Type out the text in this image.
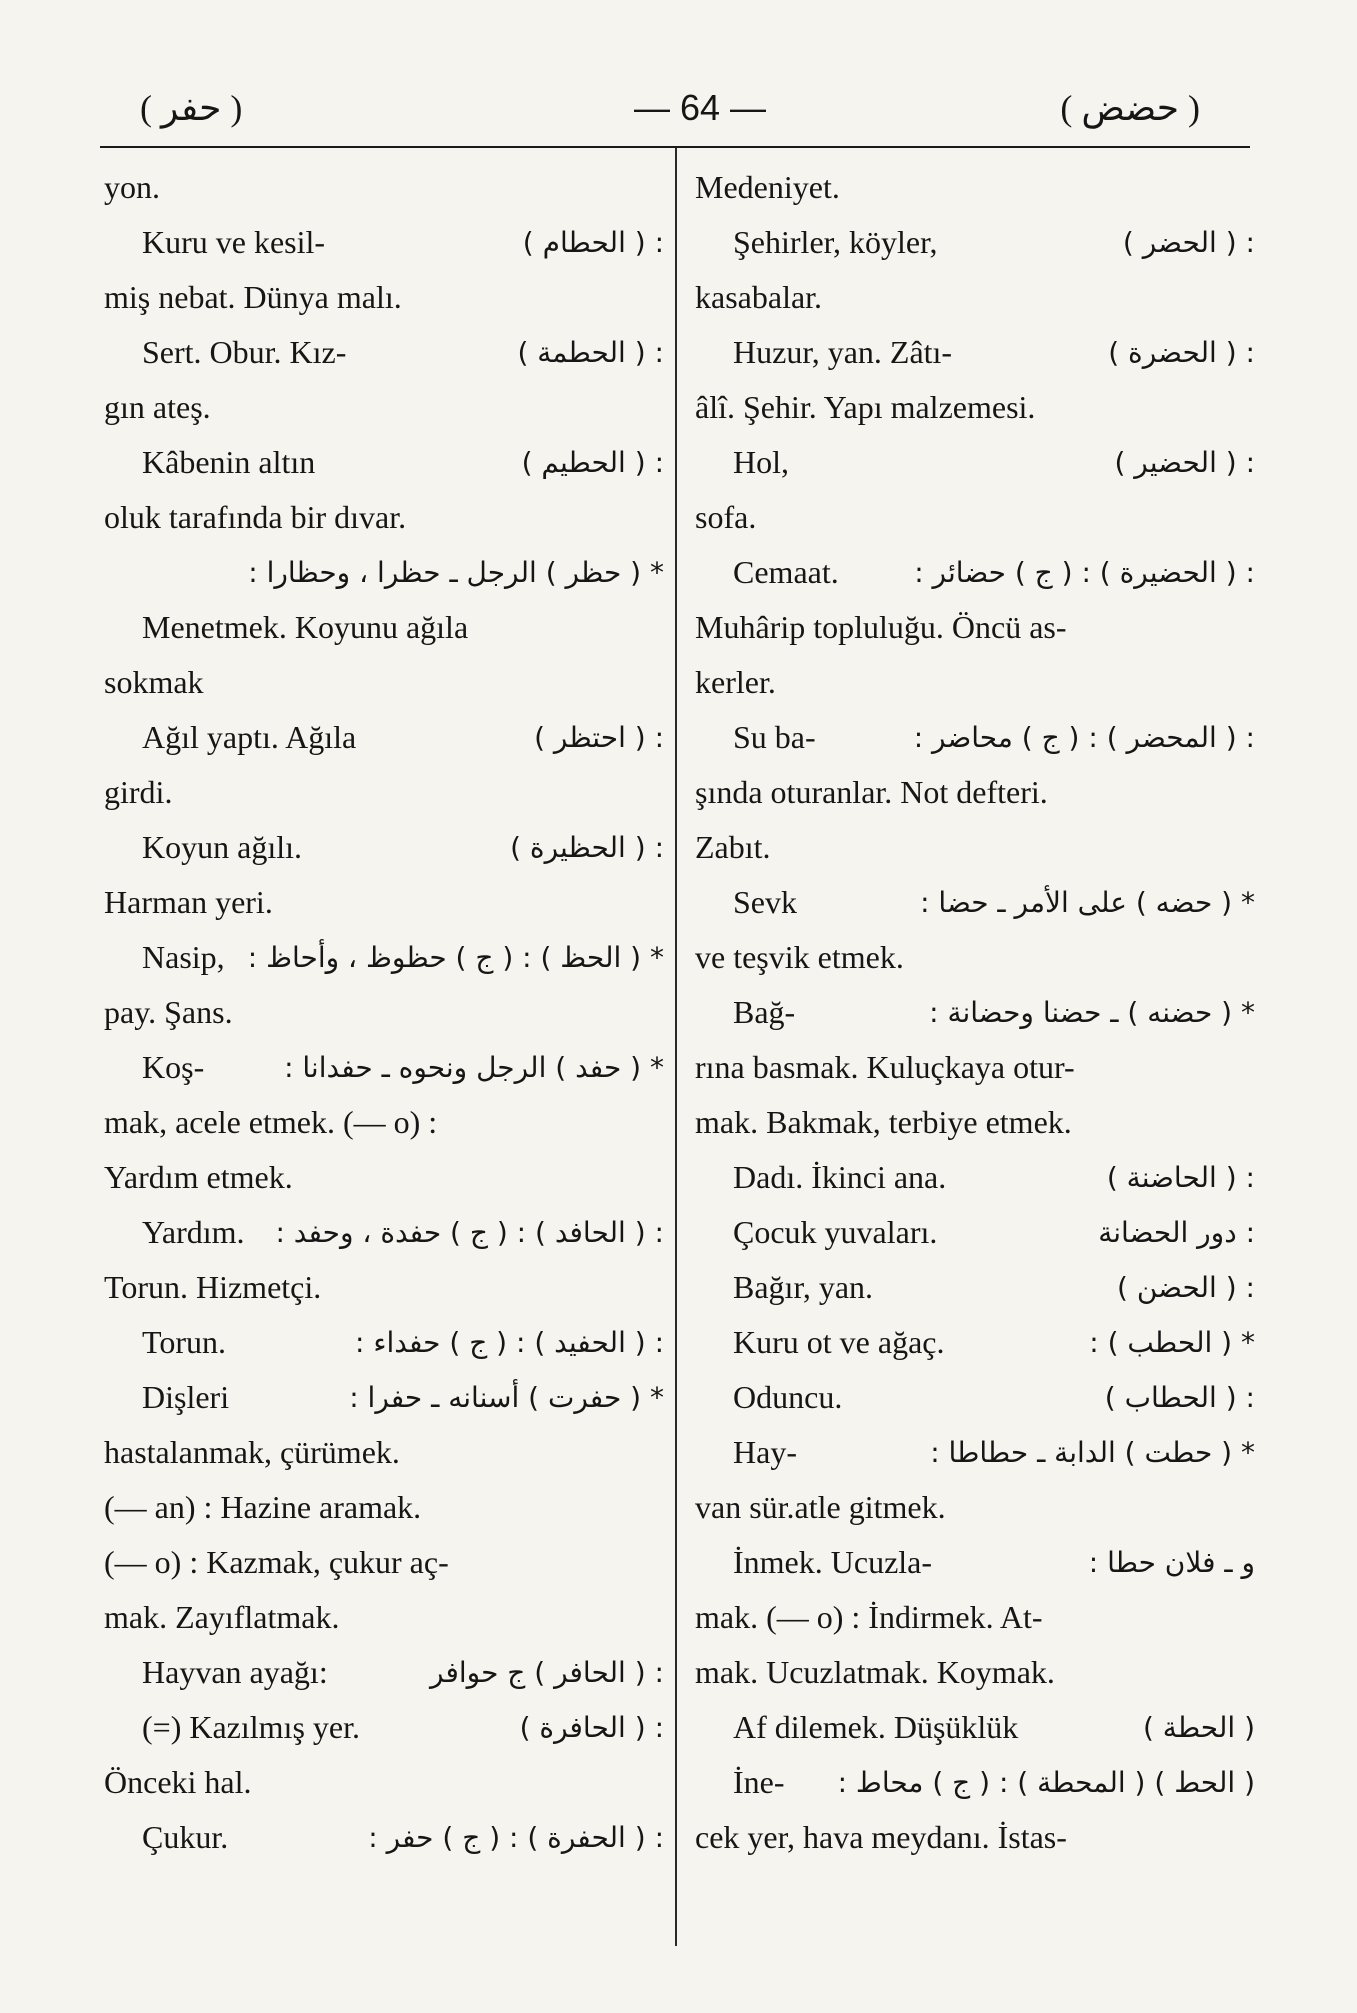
( حفر )	— 64 —	( حضض )
yon.
Kuru ve kesil-	: ( الحطام )
miş nebat. Dünya malı.
Sert. Obur. Kız-	: ( الحطمة )
gın ateş.
Kâbenin altın	: ( الحطيم )
oluk tarafında bir dıvar.
* ( حظر ) الرجل ـ حظرا ، وحظارا :
Menetmek. Koyunu ağıla
sokmak
Ağıl yaptı. Ağıla	: ( احتظر )
girdi.
Koyun ağılı.	: ( الحظيرة )
Harman yeri.
Nasip, * ( الحظ ) : ( ج ) حظوظ ، وأحاظ :
pay. Şans.
Koş-	* ( حفد ) الرجل ونحوه ـ حفدانا :
mak, acele etmek. (— o) :
Yardım etmek.
Yardım. : ( الحافد ) : ( ج ) حفدة ، وحفد :
Torun. Hizmetçi.
Torun.	: ( الحفيد ) : ( ج ) حفداء :
Dişleri	* ( حفرت ) أسنانه ـ حفرا :
hastalanmak, çürümek.
(— an) : Hazine aramak.
(— o) : Kazmak, çukur aç-
mak. Zayıflatmak.
Hayvan ayağı:	: ( الحافر ) ج حوافر
(=) Kazılmış yer.	: ( الحافرة )
Önceki hal.
Çukur.	: ( الحفرة ) : ( ج ) حفر :
Medeniyet.
Şehirler, köyler,	: ( الحضر )
kasabalar.
Huzur, yan. Zâtı-	: ( الحضرة )
âlî. Şehir. Yapı malzemesi.
Hol,	: ( الحضير )
sofa.
Cemaat.	: ( الحضيرة ) : ( ج ) حضائر :
Muhârip topluluğu. Öncü as-
kerler.
Su ba-	: ( المحضر ) : ( ج ) محاضر :
şında oturanlar. Not defteri.
Zabıt.
Sevk	* ( حضه ) على الأمر ـ حضا :
ve teşvik etmek.
Bağ-	* ( حضنه ) ـ حضنا وحضانة :
rına basmak. Kuluçkaya otur-
mak. Bakmak, terbiye etmek.
Dadı. İkinci ana.	: ( الحاضنة )
Çocuk yuvaları.	: دور الحضانة
Bağır, yan.	: ( الحضن )
Kuru ot ve ağaç.	* ( الحطب ) :
Oduncu.	: ( الحطاب )
Hay-	* ( حطت ) الدابة ـ حطاطا :
van sür.atle gitmek.
İnmek. Ucuzla-	و ـ فلان حطا :
mak. (— o) : İndirmek. At-
mak. Ucuzlatmak. Koymak.
Af dilemek. Düşüklük	( الحطة )
İne- ( الحط ) ( المحطة ) : ( ج ) محاط :
cek yer, hava meydanı. İstas-
